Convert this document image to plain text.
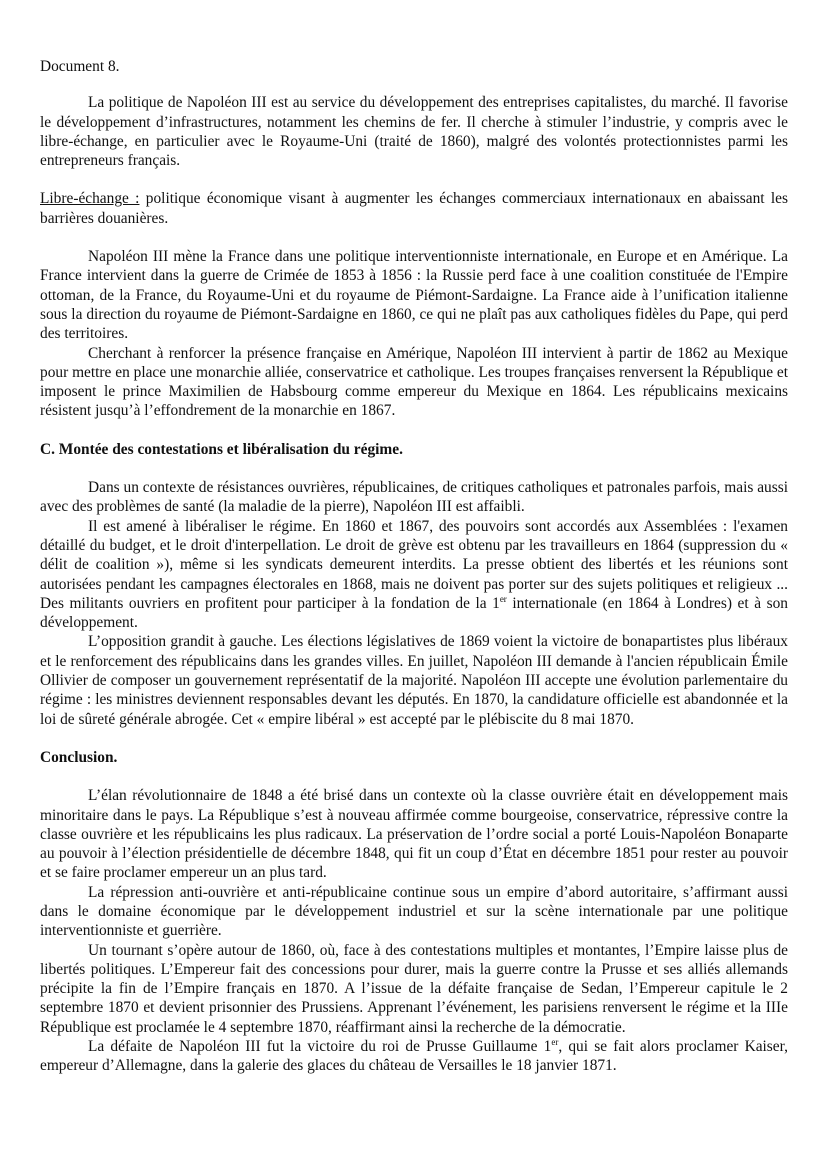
Document 8.

La politique de Napoléon III est au service du développement des entreprises capitalistes, du marché. Il favorise le développement d’infrastructures, notamment les chemins de fer. Il cherche à stimuler l’industrie, y compris avec le libre-échange, en particulier avec le Royaume-Uni (traité de 1860), malgré des volontés protectionnistes parmi les entrepreneurs français.

Libre-échange : politique économique visant à augmenter les échanges commerciaux internationaux en abaissant les barrières douanières.

Napoléon III mène la France dans une politique interventionniste internationale, en Europe et en Amérique. La France intervient dans la guerre de Crimée de 1853 à 1856 : la Russie perd face à une coalition constituée de l'Empire ottoman, de la France, du Royaume-Uni et du royaume de Piémont-Sardaigne. La France aide à l’unification italienne sous la direction du royaume de Piémont-Sardaigne en 1860, ce qui ne plaît pas aux catholiques fidèles du Pape, qui perd des territoires.

Cherchant à renforcer la présence française en Amérique, Napoléon III intervient à partir de 1862 au Mexique pour mettre en place une monarchie alliée, conservatrice et catholique. Les troupes françaises renversent la République et imposent le prince Maximilien de Habsbourg comme empereur du Mexique en 1864. Les républicains mexicains résistent jusqu’à l’effondrement de la monarchie en 1867.

C. Montée des contestations et libéralisation du régime.

Dans un contexte de résistances ouvrières, républicaines, de critiques catholiques et patronales parfois, mais aussi avec des problèmes de santé (la maladie de la pierre), Napoléon III est affaibli.

Il est amené à libéraliser le régime. En 1860 et 1867, des pouvoirs sont accordés aux Assemblées : l'examen détaillé du budget, et le droit d'interpellation. Le droit de grève est obtenu par les travailleurs en 1864 (suppression du « délit de coalition »), même si les syndicats demeurent interdits. La presse obtient des libertés et les réunions sont autorisées pendant les campagnes électorales en 1868, mais ne doivent pas porter sur des sujets politiques et religieux ... Des militants ouvriers en profitent pour participer à la fondation de la 1er internationale (en 1864 à Londres) et à son développement.

L’opposition grandit à gauche. Les élections législatives de 1869 voient la victoire de bonapartistes plus libéraux et le renforcement des républicains dans les grandes villes. En juillet, Napoléon III demande à l'ancien républicain Émile Ollivier de composer un gouvernement représentatif de la majorité. Napoléon III accepte une évolution parlementaire du régime : les ministres deviennent responsables devant les députés. En 1870, la candidature officielle est abandonnée et la loi de sûreté générale abrogée. Cet « empire libéral » est accepté par le plébiscite du 8 mai 1870.

Conclusion.

L’élan révolutionnaire de 1848 a été brisé dans un contexte où la classe ouvrière était en développement mais minoritaire dans le pays. La République s’est à nouveau affirmée comme bourgeoise, conservatrice, répressive contre la classe ouvrière et les républicains les plus radicaux. La préservation de l’ordre social a porté Louis-Napoléon Bonaparte au pouvoir à l’élection présidentielle de décembre 1848, qui fit un coup d’État en décembre 1851 pour rester au pouvoir et se faire proclamer empereur un an plus tard.

La répression anti-ouvrière et anti-républicaine continue sous un empire d’abord autoritaire, s’affirmant aussi dans le domaine économique par le développement industriel et sur la scène internationale par une politique interventionniste et guerrière.

Un tournant s’opère autour de 1860, où, face à des contestations multiples et montantes, l’Empire laisse plus de libertés politiques. L’Empereur fait des concessions pour durer, mais la guerre contre la Prusse et ses alliés allemands précipite la fin de l’Empire français en 1870. A l’issue de la défaite française de Sedan, l’Empereur capitule le 2 septembre 1870 et devient prisonnier des Prussiens. Apprenant l’événement, les parisiens renversent le régime et la IIIe République est proclamée le 4 septembre 1870, réaffirmant ainsi la recherche de la démocratie.

La défaite de Napoléon III fut la victoire du roi de Prusse Guillaume 1er, qui se fait alors proclamer Kaiser, empereur d’Allemagne, dans la galerie des glaces du château de Versailles le 18 janvier 1871.
